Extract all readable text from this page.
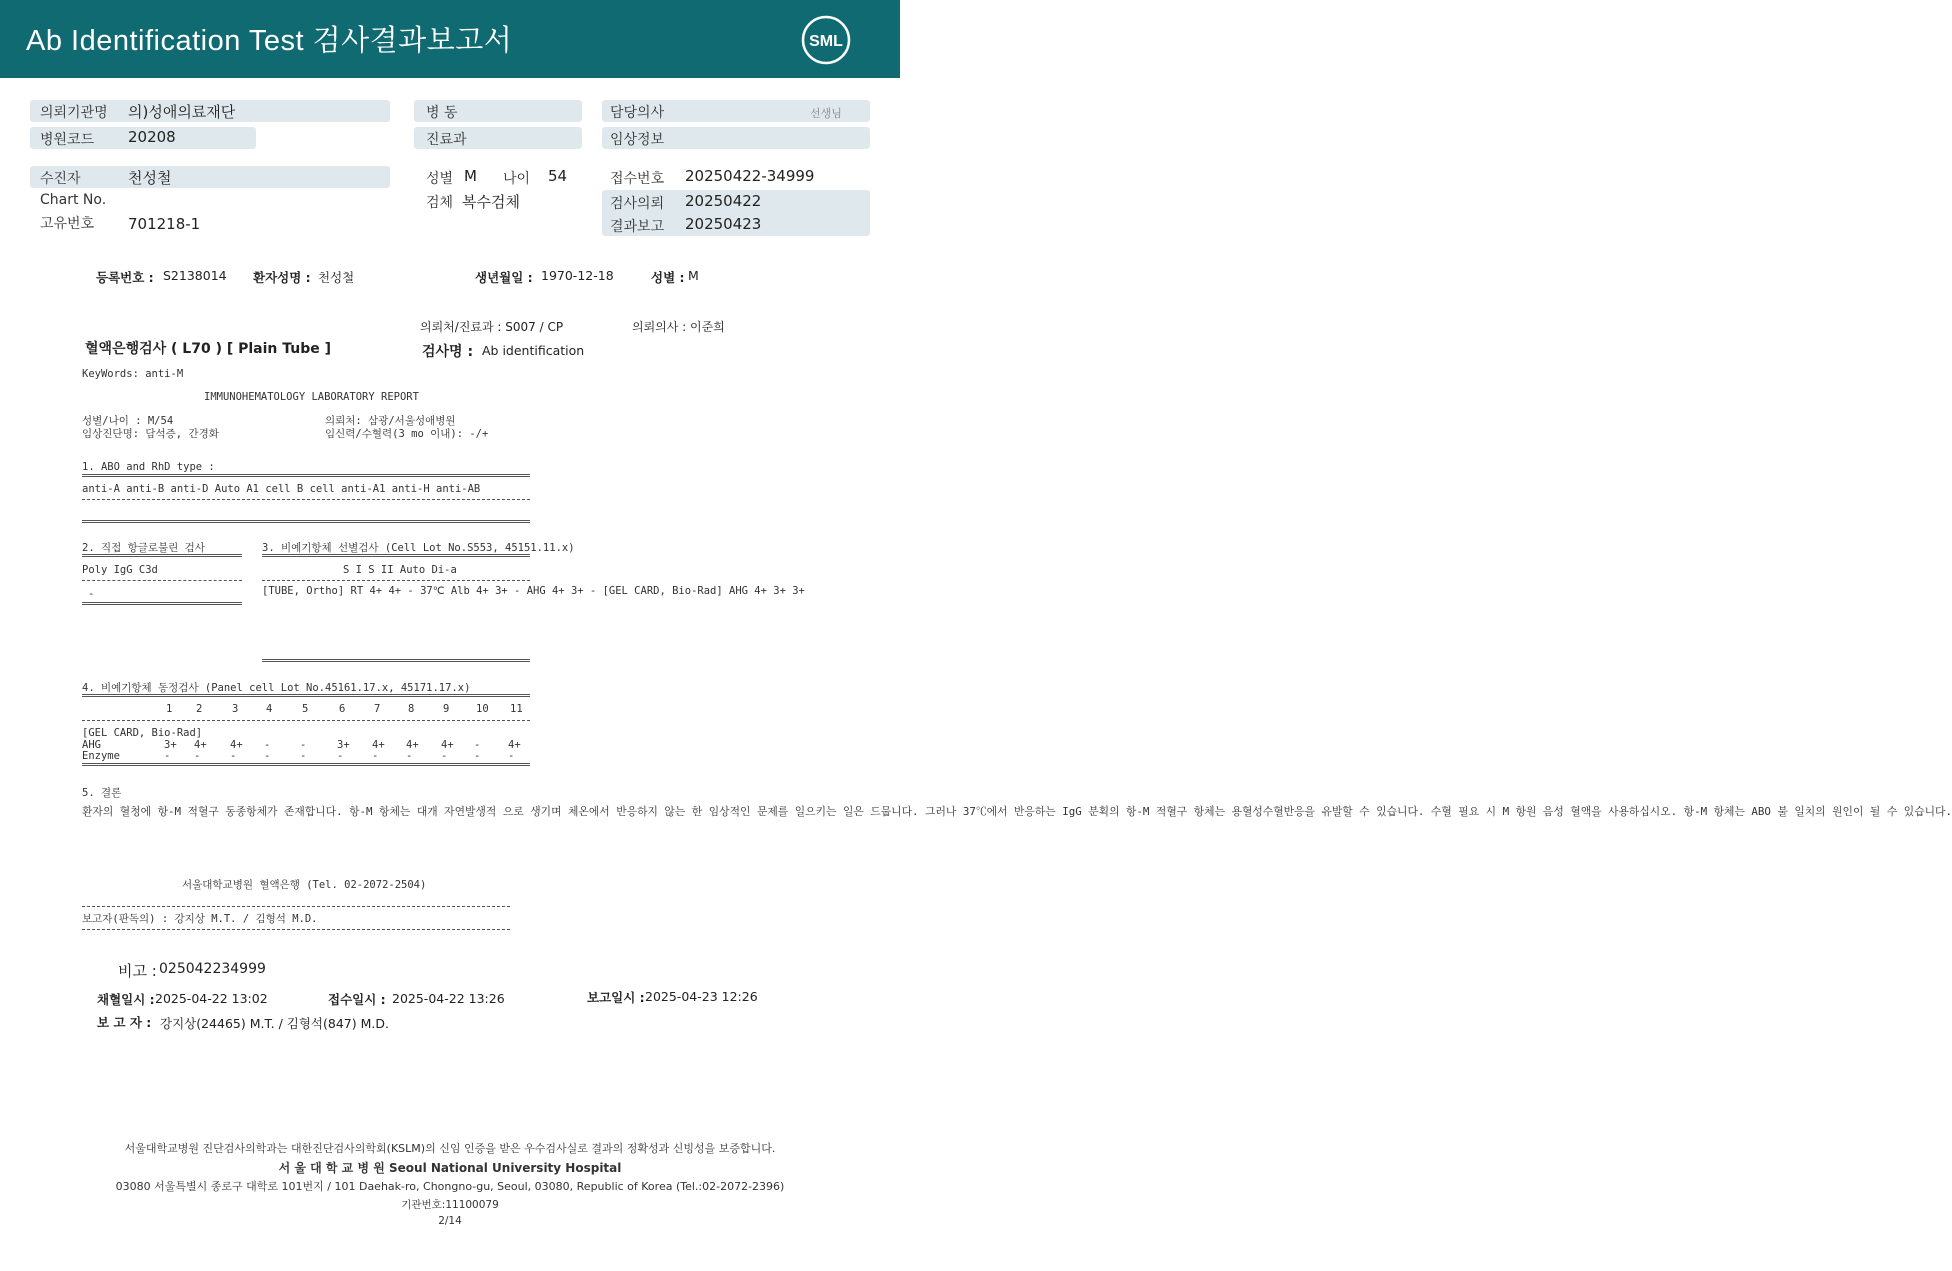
Ab Identification Test 검사결과보고서	SML
의뢰기관명 의)성애의료재단
병원코드 20208
병 동
진료과
담당의사	선생님
임상정보
수진자	천성철
Chart No.
고유번호 701218-1
성별 M 나이 54
검체 복수검체
접수번호 20250422-34999
검사의뢰 20250422
결과보고 20250423
등록번호 : S2138014 환자성명 : 천성철	생년월일 : 1970-12-18	성별 : M
의뢰처/진료과 : S007 / CP	의뢰의사 : 이준희
혈액은행검사 ( L70 ) [ Plain Tube ]	검사명 : Ab identification
KeyWords: anti-M
IMMUNOHEMATOLOGY LABORATORY REPORT
성별/나이 : M/54
임상진단명: 담석증, 간경화
의뢰처: 삼광/서울성애병원
임신력/수혈력(3 mo 이내): -/+
1. ABO and RhD type :
anti-A anti-B anti-D Auto A1 cell B cell anti-A1 anti-H anti-AB
2. 직접 항글로불린 검사
Poly IgG C3d
-
3. 비예기항체 선별검사 (Cell Lot No.S553, 45151.11.x)
S I S II Auto Di-a
[TUBE, Ortho] RT 4+ 4+ - 37℃ Alb 4+ 3+ - AHG 4+ 3+ - [GEL CARD, Bio-Rad] AHG 4+ 3+ 3+
4. 비예기항체 동정검사 (Panel cell Lot No.45161.17.x, 45171.17.x)
1 2	3	4	5	6	7	8	9	10 11
[GEL CARD, Bio-Rad]
AHG	3+ 4+ 4+ -	-	3+ 4+ 4+ 4+ -	4+
Enzyme	- -	-	-	-	-	-	-	-	-	-
5. 결론
환자의 혈청에 항-M 적혈구 동종항체가 존재합니다. 항-M 항체는 대개 자연발생적 으로 생기며 체온에서 반응하지 않는 한 임상적인 문제를 일으키는 일은 드뭅니다. 그러나 37℃에서 반응하는 IgG 분획의 항-M 적혈구 항체는 용혈성수혈반응을 유발할 수 있습니다. 수혈 필요 시 M 항원 음성 혈액을 사용하십시오. 항-M 항체는 ABO 불 일치의 원인이 될 수 있습니다.
서울대학교병원 혈액은행 (Tel. 02-2072-2504)
보고자(판독의) : 강지상 M.T. / 김형석 M.D.
비고 : 025042234999
채혈일시 : 2025-04-22 13:02	접수일시 : 2025-04-22 13:26	보고일시 : 2025-04-23 12:26
보 고 자 : 강지상(24465) M.T. / 김형석(847) M.D.
서울대학교병원 진단검사의학과는 대한진단검사의학회(KSLM)의 신임 인증을 받은 우수검사실로 결과의 정확성과 신빙성을 보증합니다.
서 울 대 학 교 병 원 Seoul National University Hospital
03080 서울특별시 종로구 대학로 101번지 / 101 Daehak-ro, Chongno-gu, Seoul, 03080, Republic of Korea (Tel.:02-2072-2396)
기관번호:11100079
2/14
